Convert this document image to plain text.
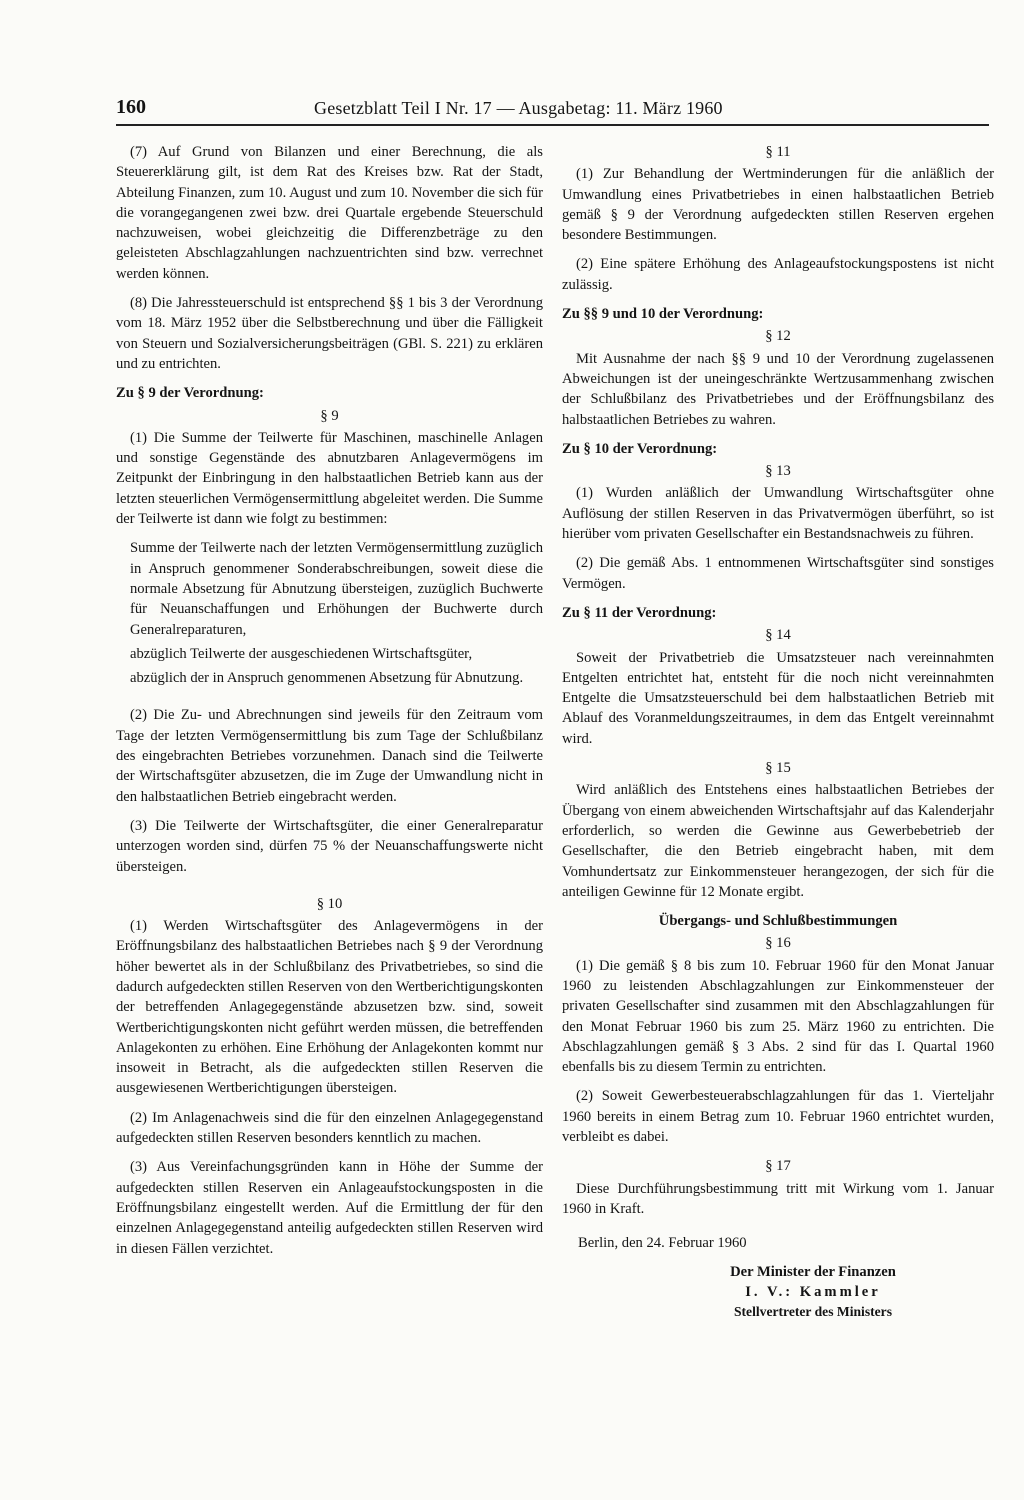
160	Gesetzblatt Teil I Nr. 17 — Ausgabetag: 11. März 1960

(7) Auf Grund von Bilanzen und einer Berechnung, die als Steuererklärung gilt, ist dem Rat des Kreises bzw. Rat der Stadt, Abteilung Finanzen, zum 10. August und zum 10. November die sich für die vorangegangenen zwei bzw. drei Quartale ergebende Steuerschuld nachzuweisen, wobei gleichzeitig die Differenzbeträge zu den geleisteten Abschlagzahlungen nachzuentrichten sind bzw. verrechnet werden können.

(8) Die Jahressteuerschuld ist entsprechend §§ 1 bis 3 der Verordnung vom 18. März 1952 über die Selbstberechnung und über die Fälligkeit von Steuern und Sozialversicherungsbeiträgen (GBl. S. 221) zu erklären und zu entrichten.

Zu § 9 der Verordnung:
§ 9

(1) Die Summe der Teilwerte für Maschinen, maschinelle Anlagen und sonstige Gegenstände des abnutzbaren Anlagevermögens im Zeitpunkt der Einbringung in den halbstaatlichen Betrieb kann aus der letzten steuerlichen Vermögensermittlung abgeleitet werden. Die Summe der Teilwerte ist dann wie folgt zu bestimmen:

Summe der Teilwerte nach der letzten Vermögensermittlung zuzüglich in Anspruch genommener Sonderabschreibungen, soweit diese die normale Absetzung für Abnutzung übersteigen, zuzüglich Buchwerte für Neuanschaffungen und Erhöhungen der Buchwerte durch Generalreparaturen,

abzüglich Teilwerte der ausgeschiedenen Wirtschaftsgüter,

abzüglich der in Anspruch genommenen Absetzung für Abnutzung.

(2) Die Zu- und Abrechnungen sind jeweils für den Zeitraum vom Tage der letzten Vermögensermittlung bis zum Tage der Schlußbilanz des eingebrachten Betriebes vorzunehmen. Danach sind die Teilwerte der Wirtschaftsgüter abzusetzen, die im Zuge der Umwandlung nicht in den halbstaatlichen Betrieb eingebracht werden.

(3) Die Teilwerte der Wirtschaftsgüter, die einer Generalreparatur unterzogen worden sind, dürfen 75 % der Neuanschaffungswerte nicht übersteigen.

§ 10

(1) Werden Wirtschaftsgüter des Anlagevermögens in der Eröffnungsbilanz des halbstaatlichen Betriebes nach § 9 der Verordnung höher bewertet als in der Schlußbilanz des Privatbetriebes, so sind die dadurch aufgedeckten stillen Reserven von den Wertberichtigungskonten der betreffenden Anlagegegenstände abzusetzen bzw. sind, soweit Wertberichtigungskonten nicht geführt werden müssen, die betreffenden Anlagekonten zu erhöhen. Eine Erhöhung der Anlagekonten kommt nur insoweit in Betracht, als die aufgedeckten stillen Reserven die ausgewiesenen Wertberichtigungen übersteigen.

(2) Im Anlagenachweis sind die für den einzelnen Anlagegegenstand aufgedeckten stillen Reserven besonders kenntlich zu machen.

(3) Aus Vereinfachungsgründen kann in Höhe der Summe der aufgedeckten stillen Reserven ein Anlageaufstockungsposten in die Eröffnungsbilanz eingestellt werden. Auf die Ermittlung der für den einzelnen Anlagegegenstand anteilig aufgedeckten stillen Reserven wird in diesen Fällen verzichtet.

§ 11

(1) Zur Behandlung der Wertminderungen für die anläßlich der Umwandlung eines Privatbetriebes in einen halbstaatlichen Betrieb gemäß § 9 der Verordnung aufgedeckten stillen Reserven ergehen besondere Bestimmungen.

(2) Eine spätere Erhöhung des Anlageaufstockungspostens ist nicht zulässig.

Zu §§ 9 und 10 der Verordnung:
§ 12

Mit Ausnahme der nach §§ 9 und 10 der Verordnung zugelassenen Abweichungen ist der uneingeschränkte Wertzusammenhang zwischen der Schlußbilanz des Privatbetriebes und der Eröffnungsbilanz des halbstaatlichen Betriebes zu wahren.

Zu § 10 der Verordnung:
§ 13

(1) Wurden anläßlich der Umwandlung Wirtschaftsgüter ohne Auflösung der stillen Reserven in das Privatvermögen überführt, so ist hierüber vom privaten Gesellschafter ein Bestandsnachweis zu führen.

(2) Die gemäß Abs. 1 entnommenen Wirtschaftsgüter sind sonstiges Vermögen.

Zu § 11 der Verordnung:
§ 14

Soweit der Privatbetrieb die Umsatzsteuer nach vereinnahmten Entgelten entrichtet hat, entsteht für die noch nicht vereinnahmten Entgelte die Umsatzsteuerschuld bei dem halbstaatlichen Betrieb mit Ablauf des Voranmeldungszeitraumes, in dem das Entgelt vereinnahmt wird.

§ 15

Wird anläßlich des Entstehens eines halbstaatlichen Betriebes der Übergang von einem abweichenden Wirtschaftsjahr auf das Kalenderjahr erforderlich, so werden die Gewinne aus Gewerbebetrieb der Gesellschafter, die den Betrieb eingebracht haben, mit dem Vomhundertsatz zur Einkommensteuer herangezogen, der sich für die anteiligen Gewinne für 12 Monate ergibt.

Übergangs- und Schlußbestimmungen
§ 16

(1) Die gemäß § 8 bis zum 10. Februar 1960 für den Monat Januar 1960 zu leistenden Abschlagzahlungen zur Einkommensteuer der privaten Gesellschafter sind zusammen mit den Abschlagzahlungen für den Monat Februar 1960 bis zum 25. März 1960 zu entrichten. Die Abschlagzahlungen gemäß § 3 Abs. 2 sind für das I. Quartal 1960 ebenfalls bis zu diesem Termin zu entrichten.

(2) Soweit Gewerbesteuerabschlagzahlungen für das 1. Vierteljahr 1960 bereits in einem Betrag zum 10. Februar 1960 entrichtet wurden, verbleibt es dabei.

§ 17

Diese Durchführungsbestimmung tritt mit Wirkung vom 1. Januar 1960 in Kraft.

Berlin, den 24. Februar 1960
Der Minister der Finanzen
I. V.: Kammler
Stellvertreter des Ministers
